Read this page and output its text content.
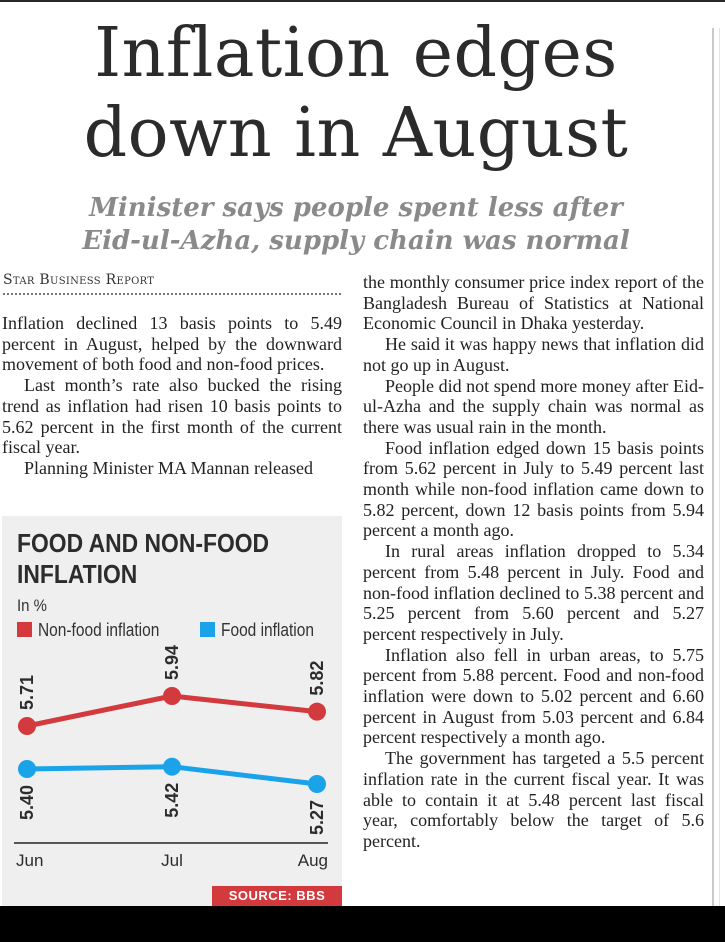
Inflation edges
down in August
Minister says people spent less after
Eid-ul-Azha, supply chain was normal
Star Business Report

Inflation declined 13 basis points to 5.49 percent in August, helped by the downward movement of both food and non-food prices.

Last month’s rate also bucked the rising trend as inflation had risen 10 basis points to 5.62 percent in the first month of the current fiscal year.

Planning Minister MA Mannan released

FOOD AND NON-FOOD
INFLATION
In %
Non-food inflation	Food inflation
5.71
5.94	5.82
5.40	5.42	5.27
Jun	Jul	Aug
SOURCE: BBS

the monthly consumer price index report of the Bangladesh Bureau of Statistics at National Economic Council in Dhaka yesterday.

He said it was happy news that inflation did not go up in August.

People did not spend more money after Eid-ul-Azha and the supply chain was normal as there was usual rain in the month.

Food inflation edged down 15 basis points from 5.62 percent in July to 5.49 percent last month while non-food inflation came down to 5.82 percent, down 12 basis points from 5.94 percent a month ago.

In rural areas inflation dropped to 5.34 percent from 5.48 percent in July. Food and non-food inflation declined to 5.38 percent and 5.25 percent from 5.60 percent and 5.27 percent respectively in July.

Inflation also fell in urban areas, to 5.75 percent from 5.88 percent. Food and non-food inflation were down to 5.02 percent and 6.60 percent in August from 5.03 percent and 6.84 percent respectively a month ago.

The government has targeted a 5.5 percent inflation rate in the current fiscal year. It was able to contain it at 5.48 percent last fiscal year, comfortably below the target of 5.6 percent.
